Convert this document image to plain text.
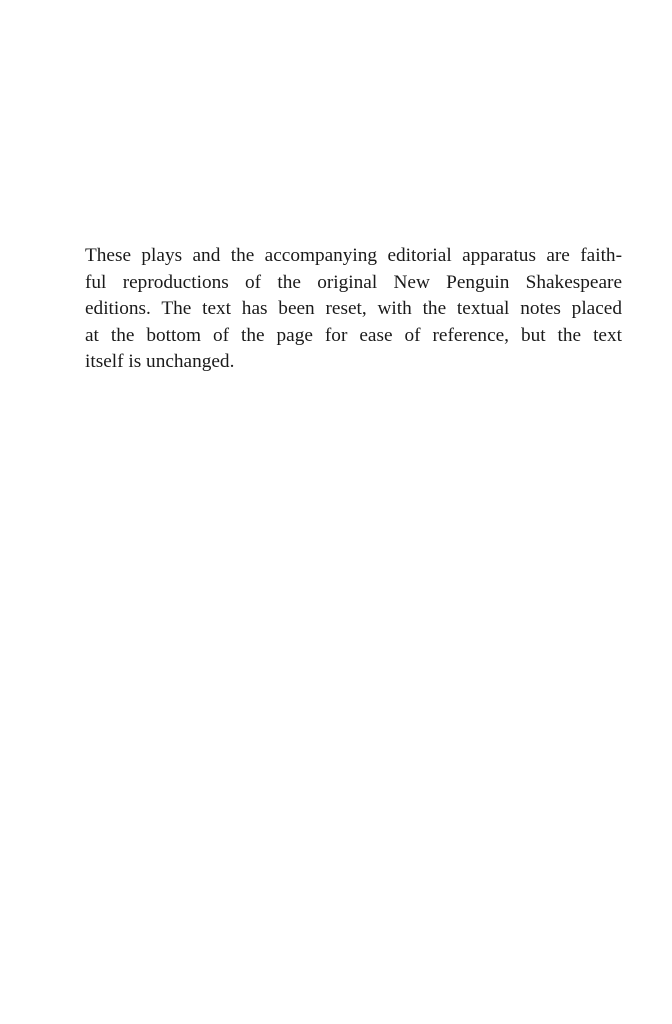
These plays and the accompanying editorial apparatus are faith-
ful reproductions of the original New Penguin Shakespeare
editions. The text has been reset, with the textual notes placed
at the bottom of the page for ease of reference, but the text
itself is unchanged.
